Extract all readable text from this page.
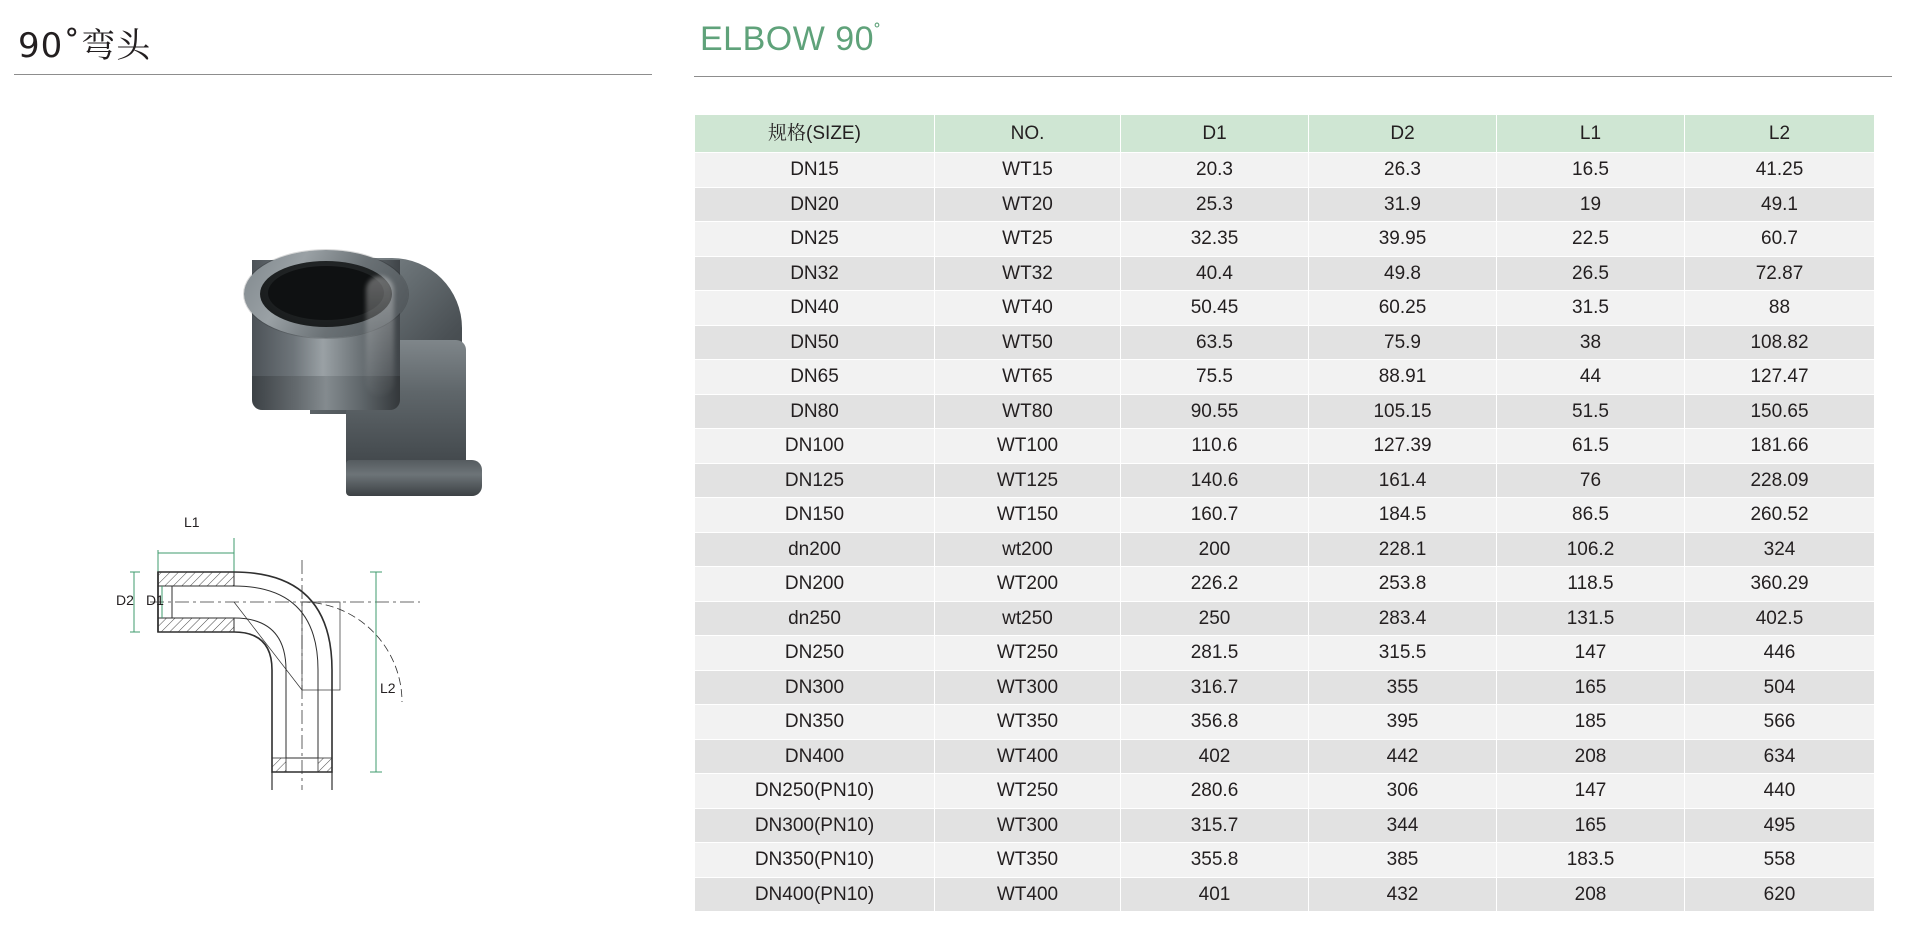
90˚弯头
L1
L2
D2 D1
ELBOW 90˚
规格(SIZE)	NO.	D1	D2	L1	L2
DN15	WT15	20.3	26.3	16.5	41.25
DN20	WT20	25.3	31.9	19	49.1
DN25	WT25	32.35	39.95	22.5	60.7
DN32	WT32	40.4	49.8	26.5	72.87
DN40	WT40	50.45	60.25	31.5	88
DN50	WT50	63.5	75.9	38	108.82
DN65	WT65	75.5	88.91	44	127.47
DN80	WT80	90.55	105.15	51.5	150.65
DN100	WT100	110.6	127.39	61.5	181.66
DN125	WT125	140.6	161.4	76	228.09
DN150	WT150	160.7	184.5	86.5	260.52
dn200	wt200	200	228.1	106.2	324
DN200	WT200	226.2	253.8	118.5	360.29
dn250	wt250	250	283.4	131.5	402.5
DN250	WT250	281.5	315.5	147	446
DN300	WT300	316.7	355	165	504
DN350	WT350	356.8	395	185	566
DN400	WT400	402	442	208	634
DN250(PN10)	WT250	280.6	306	147	440
DN300(PN10)	WT300	315.7	344	165	495
DN350(PN10)	WT350	355.8	385	183.5	558
DN400(PN10)	WT400	401	432	208	620
